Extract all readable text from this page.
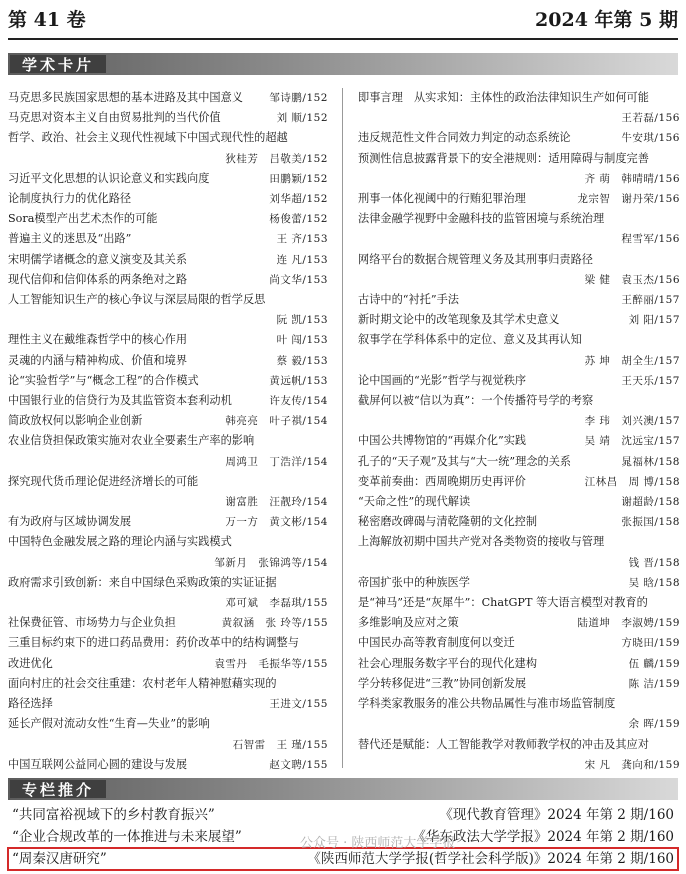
第 41 卷	2024 年第 5 期
学术卡片
马克思多民族国家思想的基本进路及其中国意义	邹诗鹏/152
马克思对资本主义自由贸易批判的当代价值	刘 顺/152
哲学、政治、社会主义现代性视域下中国式现代性的超越
狄桂芳　吕敬美/152
习近平文化思想的认识论意义和实践向度	田鹏颖/152
论制度执行力的优化路径	刘华超/152
Sora模型产出艺术杰作的可能	杨俊蕾/152
普遍主义的迷思及“出路”	王 齐/153
宋明儒学诸概念的意义演变及其关系	连 凡/153
现代信仰和信仰体系的两条绝对之路	尚文华/153
人工智能知识生产的核心争议与深层局限的哲学反思
阮 凯/153
理性主义在戴维森哲学中的核心作用	叶 闯/153
灵魂的内涵与精神构成、价值和境界	蔡 毅/153
论“实验哲学”与“概念工程”的合作模式	黄远帆/153
中国银行业的信贷行为及其监管资本套利动机	许友传/154
简政放权何以影响企业创新	韩亮亮　叶子祺/154
农业信贷担保政策实施对农业全要素生产率的影响
周鸿卫　丁浩洋/154
探究现代货币理论促进经济增长的可能
谢富胜　汪靓玲/154
有为政府与区域协调发展	万一方　黄文彬/154
中国特色金融发展之路的理论内涵与实践模式
邹新月　张锦鸿等/154
政府需求引致创新：来自中国绿色采购政策的实证证据
邓可斌　李磊琪/155
社保费征管、市场势力与企业负担	黄叙涵　张 玲等/155
三重目标约束下的进口药品费用：药价改革中的结构调整与
改进优化	袁雪丹　毛振华等/155
面向村庄的社会交往重建：农村老年人精神慰藉实现的
路径选择	王进文/155
延长产假对流动女性“生育—失业”的影响
石智雷　王 瑾/155
中国互联网公益同心圆的建设与发展	赵文聘/155
即事言理　从实求知：主体性的政治法律知识生产如何可能
王若磊/156
违反规范性文件合同效力判定的动态系统论	牛安琪/156
预测性信息披露背景下的安全港规则：适用障碍与制度完善
齐 萌　韩晴晴/156
刑事一体化视阈中的行贿犯罪治理	龙宗智　谢丹荣/156
法律金融学视野中金融科技的监管困境与系统治理
程雪军/156
网络平台的数据合规管理义务及其刑事归责路径
梁 健　袁玉杰/156
古诗中的“衬托”手法	王醉丽/157
新时期文论中的改笔现象及其学术史意义	刘 阳/157
叙事学在学科体系中的定位、意义及其再认知
苏 坤　胡全生/157
论中国画的“光影”哲学与视觉秩序	王天乐/157
截屏何以被“信以为真”：一个传播符号学的考察
李 玮　刘兴澳/157
中国公共博物馆的“再媒介化”实践	吴 靖　沈远宝/157
孔子的“天子观”及其与“大一统”理念的关系	晁福林/158
变革前奏曲：西周晚期历史再评价	江林昌　周 博/158
“天命之性”的现代解读	谢超龄/158
秘密磨改碑碣与清乾隆朝的文化控制	张振国/158
上海解放初期中国共产党对各类物资的接收与管理
钱 晋/158
帝国扩张中的种族医学	吴 晗/158
是“神马”还是“灰犀牛”：ChatGPT 等大语言模型对教育的
多维影响及应对之策	陆道坤　李淑娉/159
中国民办高等教育制度何以变迁	方晓田/159
社会心理服务数字平台的现代化建构	伍 麟/159
学分转移促进“三教”协同创新发展	陈 洁/159
学科类家教服务的准公共物品属性与准市场监管制度
余 晖/159
替代还是赋能：人工智能教学对教师教学权的冲击及其应对
宋 凡　龚向和/159
专栏推介
“共同富裕视域下的乡村教育振兴”	《现代教育管理》2024 年第 2 期/160
“企业合规改革的一体推进与未来展望”	《华东政法大学学报》2024 年第 2 期/160
“周秦汉唐研究”	《陕西师范大学学报(哲学社会科学版)》2024 年第 2 期/160
公众号 · 陕西师范大学学报
